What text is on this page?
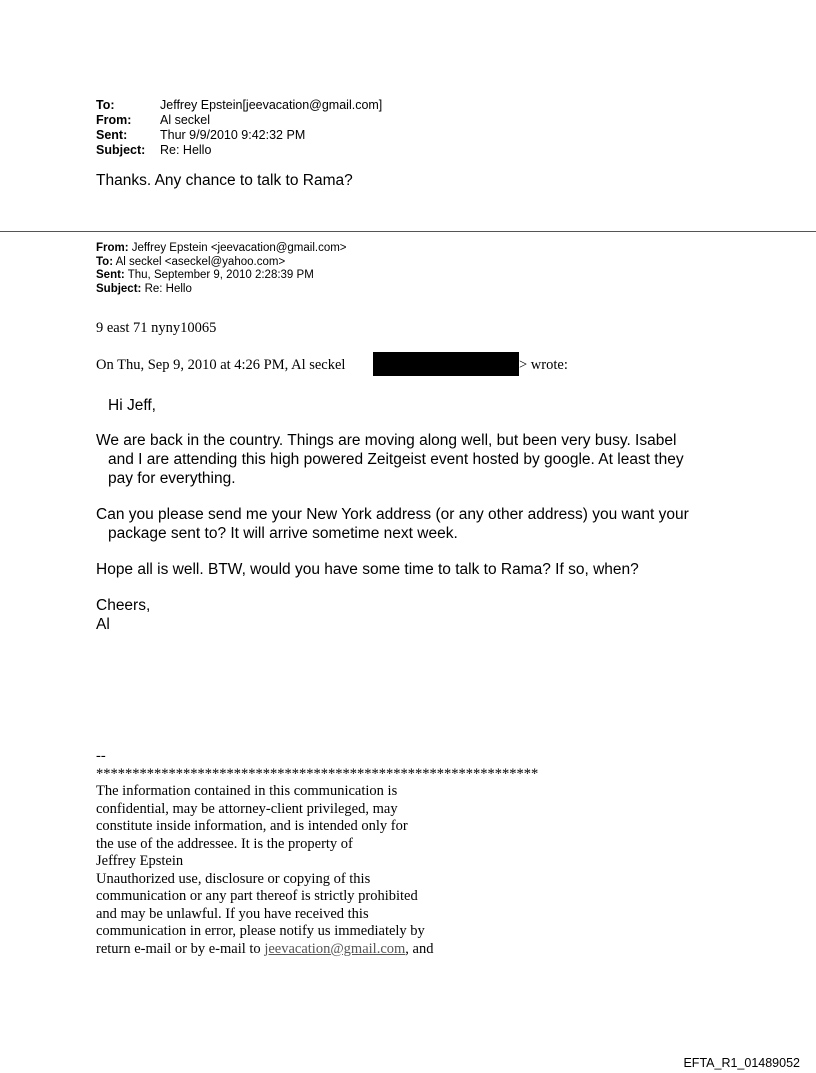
To:	Jeffrey Epstein[jeevacation@gmail.com]
From:	Al seckel
Sent:	Thur 9/9/2010 9:42:32 PM
Subject:	Re: Hello
Thanks. Any chance to talk to Rama?
From: Jeffrey Epstein <jeevacation@gmail.com>
To: Al seckel <aseckel@yahoo.com>
Sent: Thu, September 9, 2010 2:28:39 PM
Subject: Re: Hello
9 east 71 nyny10065
On Thu, Sep 9, 2010 at 4:26 PM, Al seckel	> wrote:
Hi Jeff,
We are back in the country. Things are moving along well, but been very busy. Isabel
and I are attending this high powered Zeitgeist event hosted by google. At least they
pay for everything.
Can you please send me your New York address (or any other address) you want your
package sent to? It will arrive sometime next week.
Hope all is well. BTW, would you have some time to talk to Rama? If so, when?
Cheers,
Al
--
*************************************************************
The information contained in this communication is
confidential, may be attorney-client privileged, may
constitute inside information, and is intended only for
the use of the addressee. It is the property of
Jeffrey Epstein
Unauthorized use, disclosure or copying of this
communication or any part thereof is strictly prohibited
and may be unlawful. If you have received this
communication in error, please notify us immediately by
return e-mail or by e-mail to jeevacation@gmail.com, and
EFTA_R1_01489052
